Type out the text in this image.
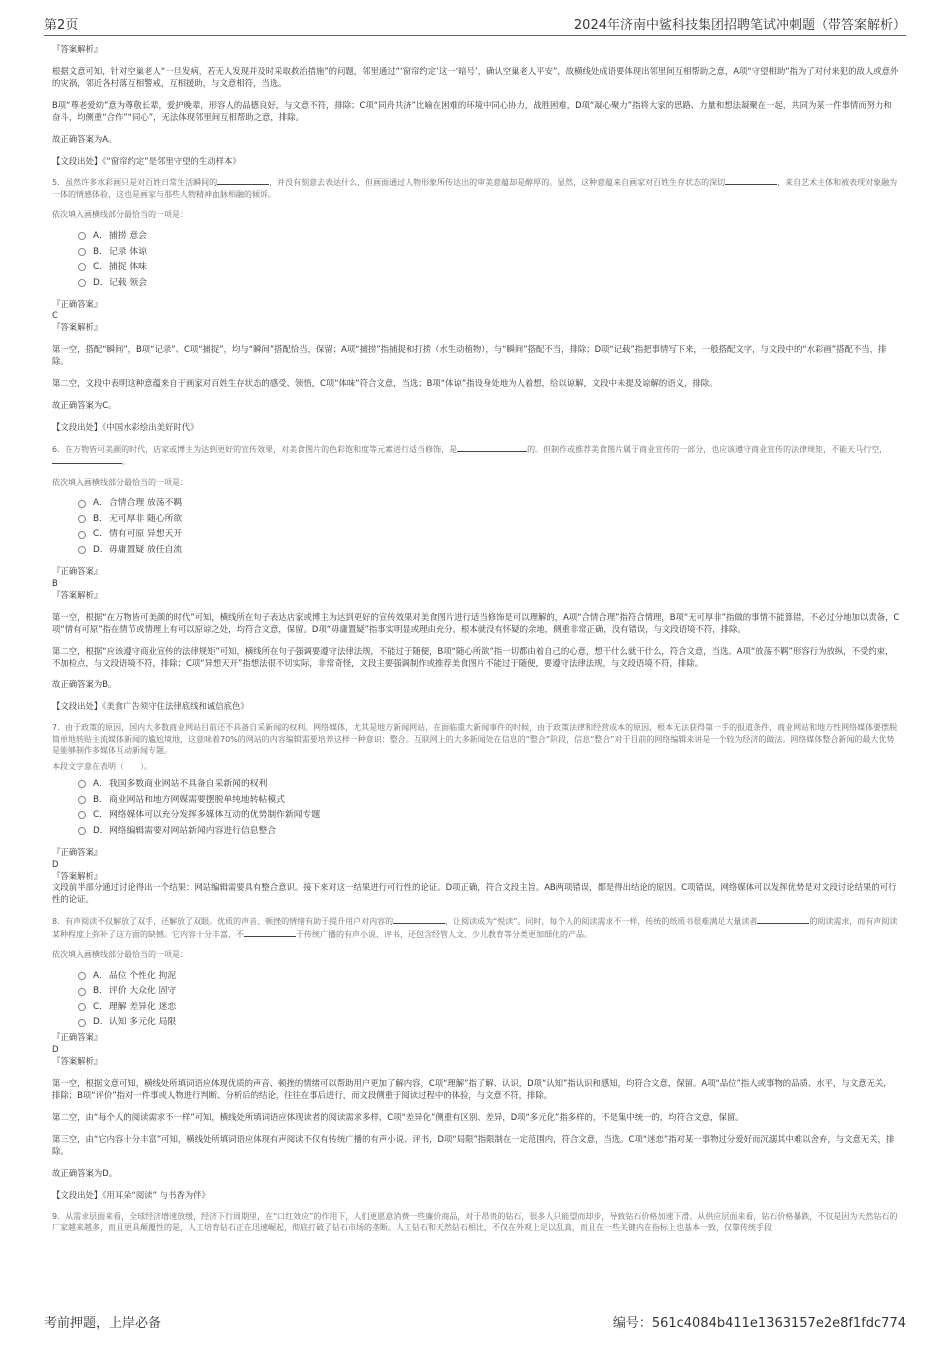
第2页	2024年济南中鲨科技集团招聘笔试冲刺题（带答案解析）

『答案解析』

根据文意可知，针对空巢老人“一旦发病，若无人发现并及时采取救治措施”的问题，邻里通过“‘窗帘约定’这一‘暗号’，确认空巢老人平安”，故横线处成语要体现出邻里间互相帮助之意，A项“守望相助”指为了对付来犯的敌人或意外的灾祸，邻近各村落互相警戒，互相援助，与文意相符，当选。

B项“尊老爱幼”意为尊敬长辈，爱护晚辈，形容人的品德良好，与文意不符，排除；C项“同舟共济”比喻在困难的环境中同心协力，战胜困难，D项“凝心聚力”指将大家的思路、力量和想法凝聚在一起，共同为某一件事情而努力和奋斗，均侧重“合作”“同心”，无法体现邻里间互相帮助之意，排除。

故正确答案为A。

【文段出处】《“窗帘约定”是邻里守望的生动样本》

5．虽然许多水彩画只是对百姓日常生活瞬间的	，并没有刻意去表达什么，但画面通过人物形象所传达出的审美意蕴却是醇厚的。显然，这种意蕴来自画家对百姓生存状态的深切	，来自艺术主体和被表现对象融为一体的情感体验，这也是画家与那些人物精神血脉相融的倾诉。

依次填入画横线部分最恰当的一项是：

A． 捕捞 意会
B． 记录 体谅
C． 捕捉 体味
D． 记载 领会

『正确答案』

C

『答案解析』

第一空，搭配“瞬间”，B项“记录”、C项“捕捉”，均与“瞬间”搭配恰当，保留；A项“捕捞”指捕捉和打捞（水生动植物），与“瞬间”搭配不当，排除；D项“记载”指把事情写下来，一般搭配文字，与文段中的“水彩画”搭配不当，排除。

第二空，文段中表明这种意蕴来自于画家对百姓生存状态的感受、领悟，C项“体味”符合文意，当选；B项“体谅”指设身处地为人着想，给以谅解，文段中未提及谅解的语义，排除。

故正确答案为C。

【文段出处】《中国水彩绘出美好时代》

6．在万物皆可美颜的时代，店家或博主为达到更好的宣传效果，对美食图片的色彩饱和度等元素进行适当修饰，是	的。但制作或推荐美食图片属于商业宣传的一部分，也应该遵守商业宣传的法律规矩，不能天马行空，。

依次填入画横线部分最恰当的一项是：

A． 合情合理 放荡不羁
B． 无可厚非 随心所欲
C． 情有可原 异想天开
D． 毋庸置疑 放任自流

『正确答案』

B

『答案解析』

第一空，根据“在万物皆可美颜的时代”可知，横线所在句子表达店家或博主为达到更好的宣传效果对美食图片进行适当修饰是可以理解的，A项“合情合理”指符合情理，B项“无可厚非”指做的事情不能算错，不必过分地加以责备，C项“情有可原”指在情节或情理上有可以原谅之处，均符合文意，保留。D项“毋庸置疑”指事实明显或理由充分，根本就没有怀疑的余地，侧重非常正确，没有错误，与文段语境不符，排除。

第二空，根据“应该遵守商业宣传的法律规矩”可知，横线所在句子强调要遵守法律法规，不能过于随便，B项“随心所欲”指一切都由着自己的心意，想干什么就干什么，符合文意，当选。A项“放荡不羁”形容行为放纵，不受约束，不加检点，与文段语境不符，排除；C项“异想天开”指想法很不切实际，非常奇怪，文段主要强调制作或推荐美食图片不能过于随便，要遵守法律法规，与文段语境不符，排除。

故正确答案为B。

【文段出处】《美食广告须守住法律底线和诚信底色》

7．由于政策的原因，国内大多数商业网站目前还不具备自采新闻的权利。网络媒体，尤其是地方新闻网站，在面临重大新闻事件的时候，由于政策法律和经营成本的原因，根本无法获得第一手的报道条件，商业网站和地方性网络媒体要摆脱简单地转贴主流媒体新闻的尴尬境地，这意味着70%的网站的内容编辑需要培养这样一种意识：整合。互联网上的大多新闻处在信息的“整合”阶段，信息“整合”对于目前的网络编辑来讲是一个较为经济的做法。网络媒体整合新闻的最大优势是能够制作多媒体互动新闻专题。

本段文字意在表明（　　）。

A． 我国多数商业网站不具备自采新闻的权利
B． 商业网站和地方网媒需要摆脱单纯地转帖模式
C． 网络媒体可以充分发挥多媒体互动的优势制作新闻专题
D． 网络编辑需要对网站新闻内容进行信息整合

『正确答案』

D

『答案解析』

文段前半部分通过讨论得出一个结果：网站编辑需要具有整合意识。接下来对这一结果进行可行性的论证。D项正确，符合文段主旨。AB两项错误，都是得出结论的原因。C项错误，网络媒体可以发挥优势是对文段讨论结果的可行性的论证。

8．有声阅读不仅解放了双手，还解放了双眼。优质的声音、顿挫的情绪有助于提升用户对内容的	，让阅读成为“悦读”。同时，每个人的阅读需求不一样，传统的纸质书很难满足大量读者	的阅读需求，而有声阅读某种程度上弥补了这方面的缺憾。它内容十分丰富，不	于传统广播的有声小说、评书，还包含经管人文、少儿教育等分类更加细化的产品。

依次填入画横线部分最恰当的一项是：

A． 品位 个性化 拘泥
B． 评价 大众化 固守
C． 理解 差异化 迷恋
D． 认知 多元化 局限

『正确答案』

D

『答案解析』

第一空，根据文意可知，横线处所填词语应体现优质的声音、顿挫的情绪可以帮助用户更加了解内容，C项“理解”指了解、认识，D项“认知”指认识和感知，均符合文意，保留。A项“品位”指人或事物的品质、水平，与文意无关，排除；B项“评价”指对一件事或人物进行判断、分析后的结论，往往在事后进行，而文段侧重于阅读过程中的体验，与文意不符，排除。

第二空，由“每个人的阅读需求不一样”可知，横线处所填词语应体现读者的阅读需求多样，C项“差异化”侧重有区别、差异，D项“多元化”指多样的，不是集中统一的，均符合文意，保留。

第三空，由“它内容十分丰富”可知，横线处所填词语应体现有声阅读不仅有传统广播的有声小说、评书，D项“局限”指限制在一定范围内，符合文意，当选。C项“迷恋”指对某一事物过分爱好而沉溺其中难以舍弃，与文意无关，排除。

故正确答案为D。

【文段出处】《用耳朵“阅读” 与书香为伴》

9．从需求层面来看，全球经济增速放缓，经济下行周期里，在“口红效应”的作用下，人们更愿意消费一些廉价商品，对于昂贵的钻石，很多人只能望而却步，导致钻石价格加速下滑。从供应层面来看，钻石价格暴跌，不仅是因为天然钻石的厂家越来越多，而且更具颠覆性的是，人工培育钻石正在迅速崛起，彻底打破了钻石市场的垄断。人工钻石和天然钻石相比，不仅在外观上足以乱真，而且在一些关键内在指标上也基本一致，仅靠传统手段

考前押题，上岸必备	编号：561c4084b411e1363157e2e8f1fdc774
